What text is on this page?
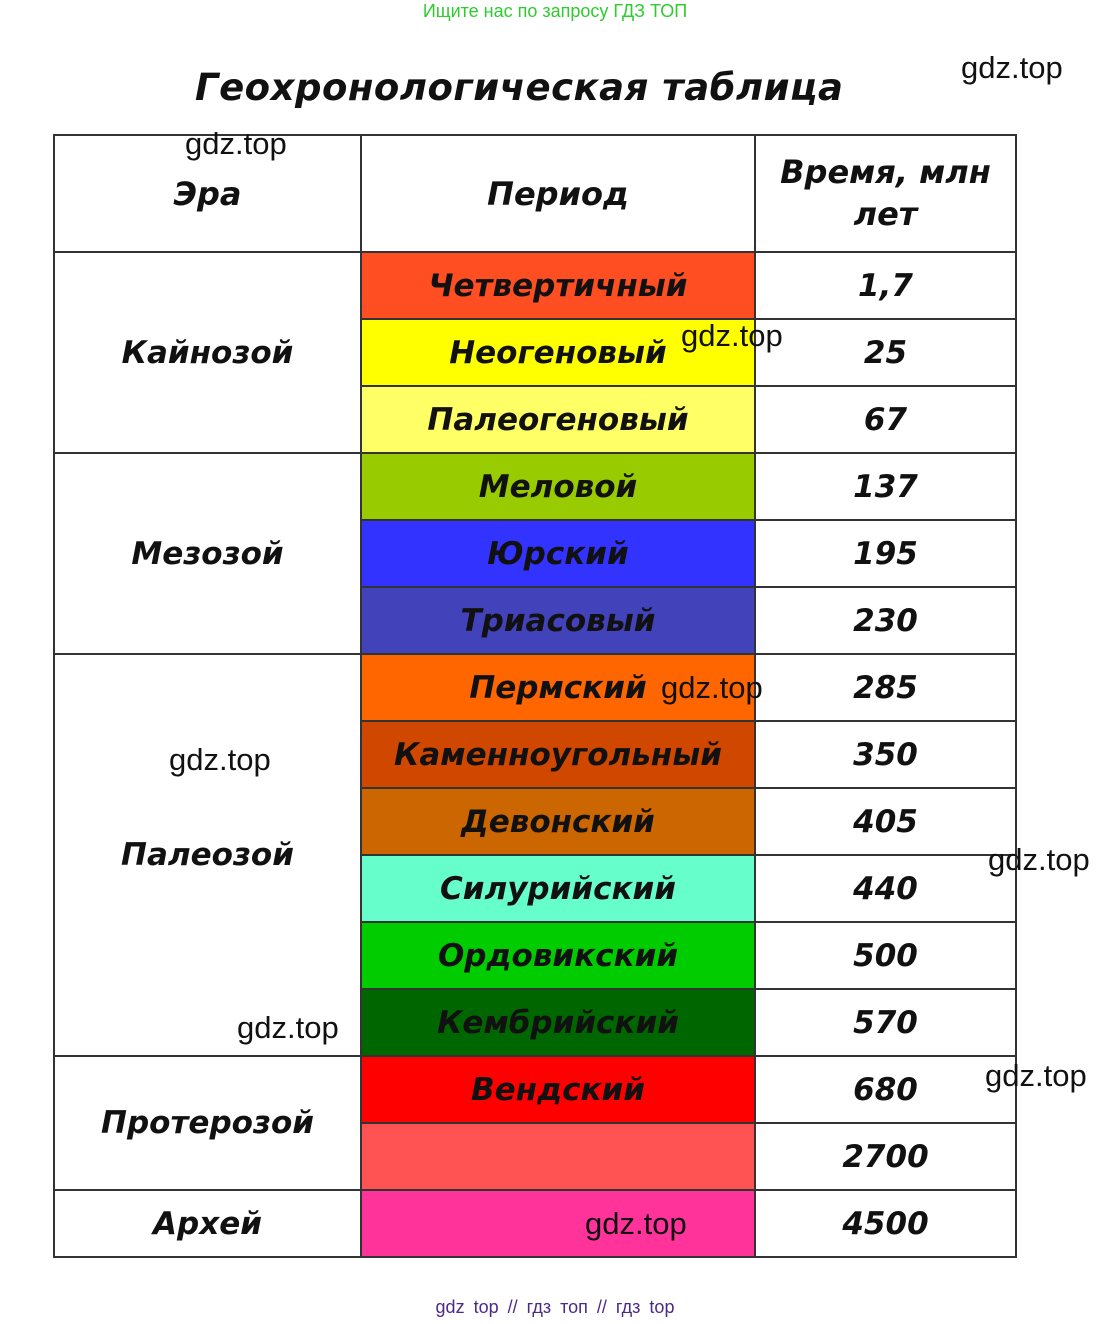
Ищите нас по запросу ГДЗ ТОП
Геохронологическая таблица
Эра	Период	Время, млн лет
Кайнозой	Четвертичный	1,7
	Неогеновый	25
	Палеогеновый	67
Мезозой	Меловой	137
	Юрский	195
	Триасовый	230
Палеозой	Пермский	285
	Каменноугольный	350
	Девонский	405
	Силурийский	440
	Ордовикский	500
	Кембрийский	570
Протерозой	Вендский	680
		2700
Архей		4500
gdz.top
gdz.top
gdz.top
gdz.top
gdz.top
gdz.top
gdz.top
gdz.top
gdz.top
gdz top // гдз топ // гдз top
